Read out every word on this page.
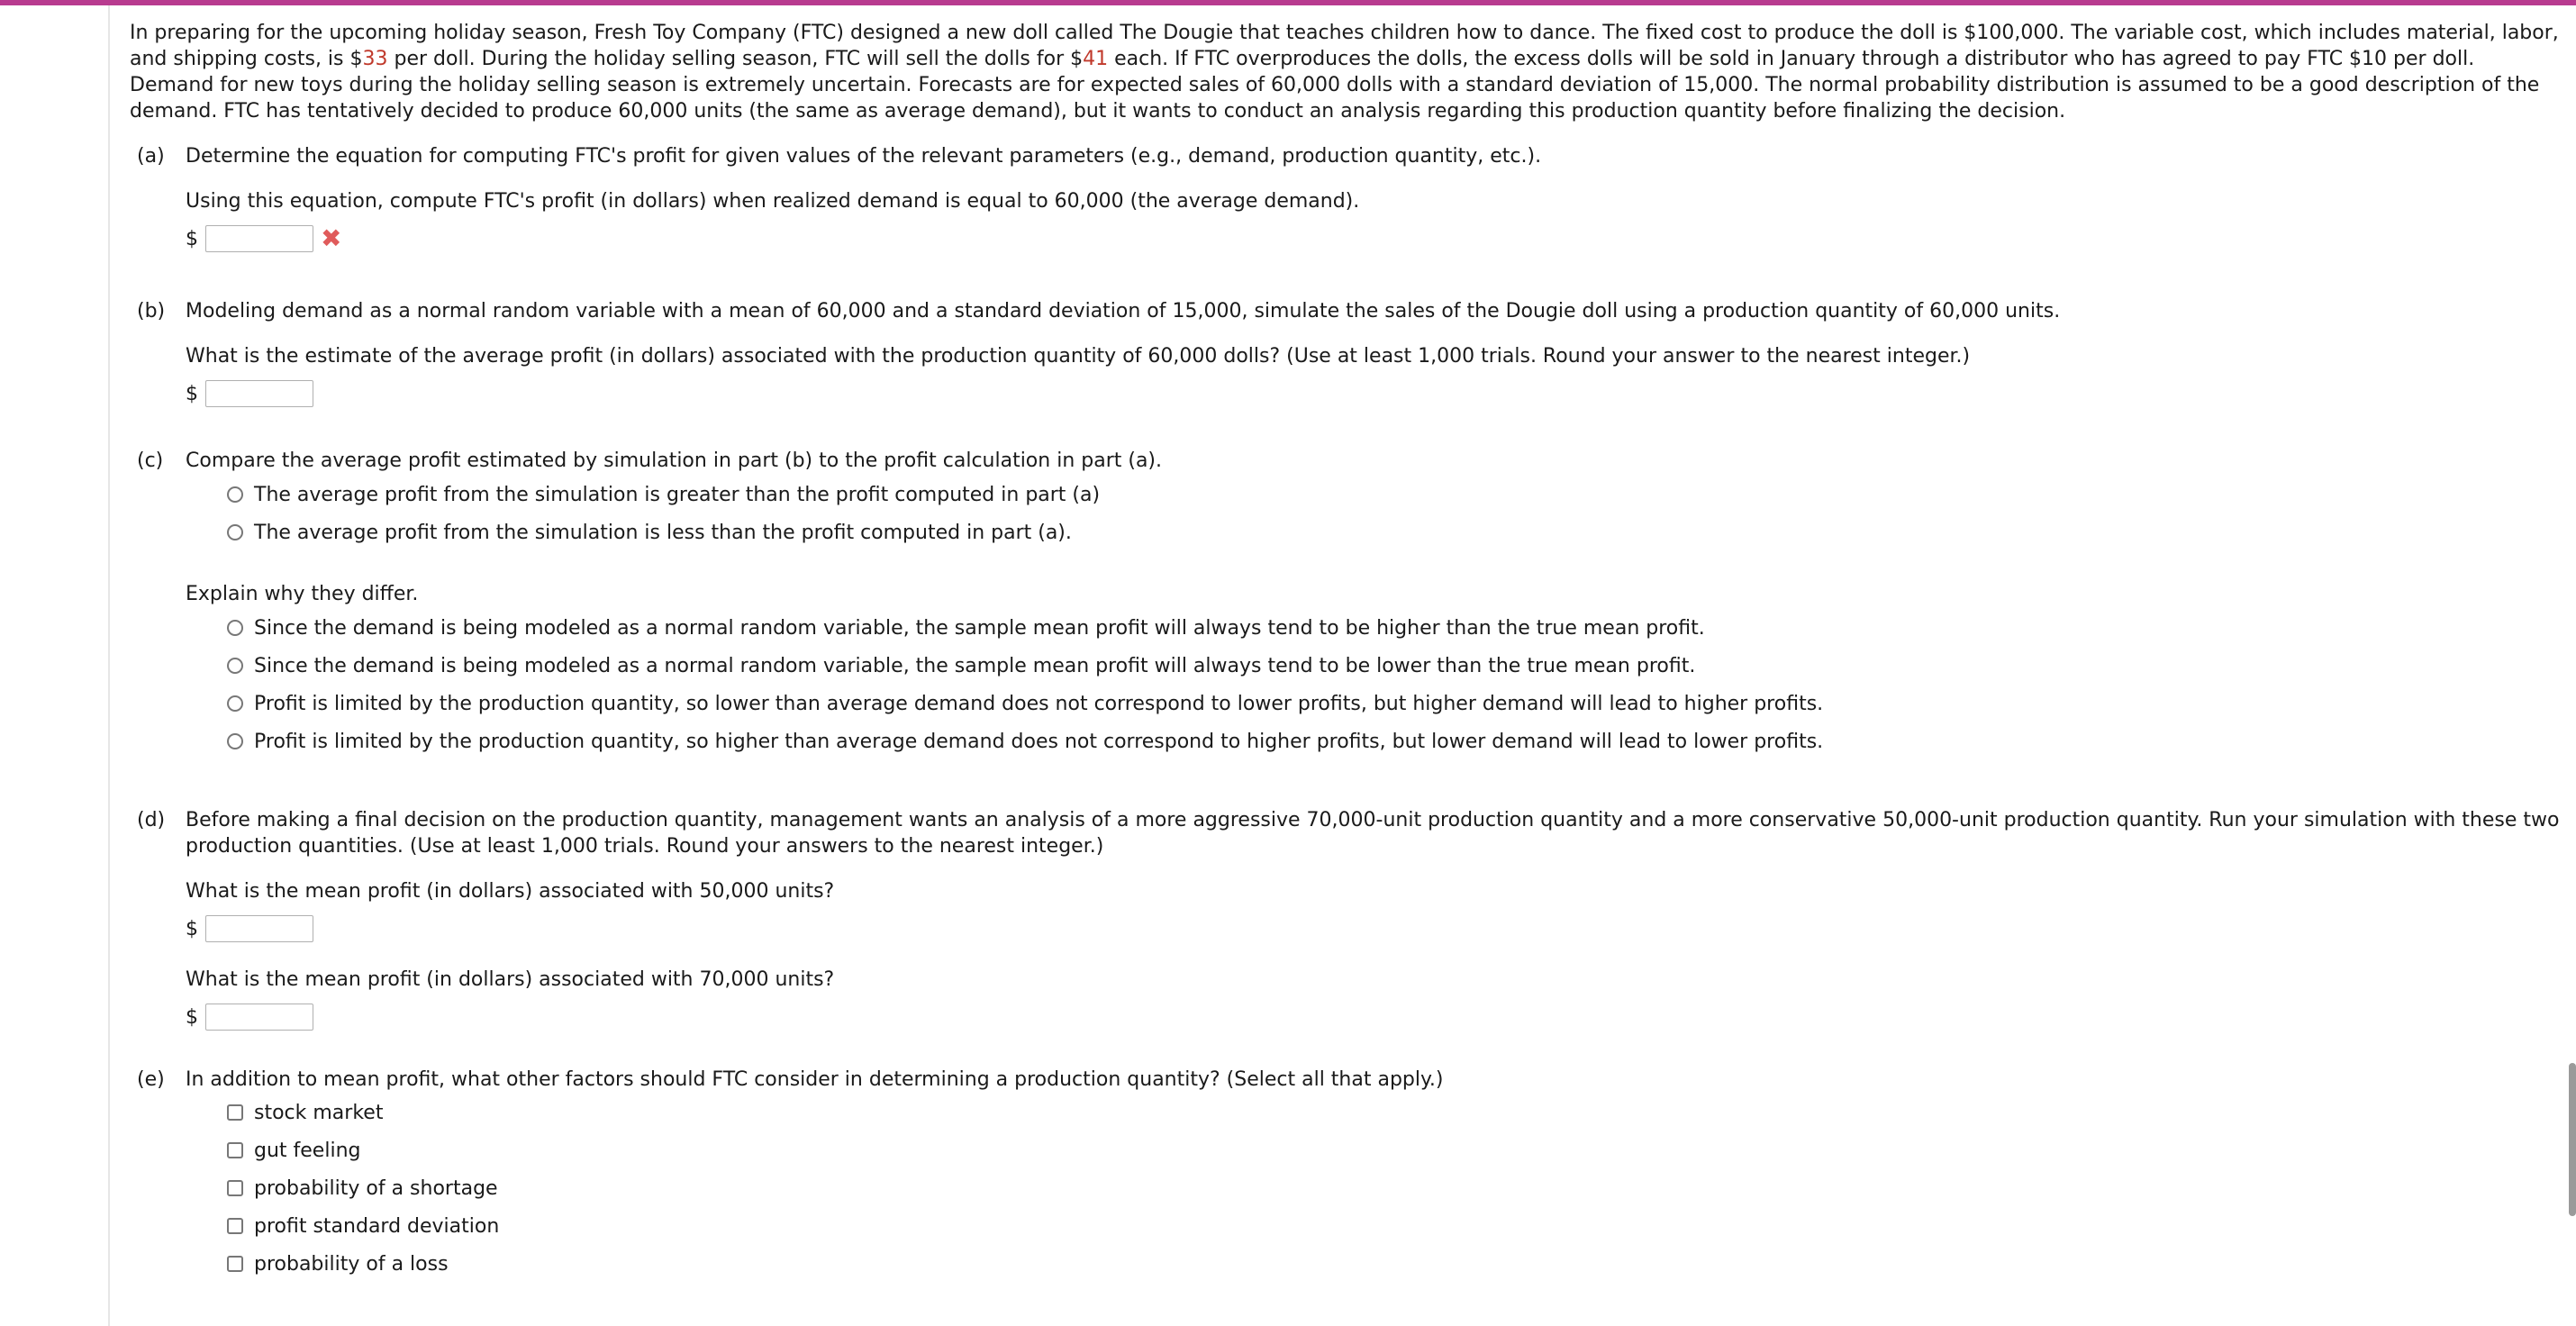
In preparing for the upcoming holiday season, Fresh Toy Company (FTC) designed a new doll called The Dougie that teaches children how to dance. The fixed cost to produce the doll is $100,000. The variable cost, which includes material, labor, and shipping costs, is $33 per doll. During the holiday selling season, FTC will sell the dolls for $41 each. If FTC overproduces the dolls, the excess dolls will be sold in January through a distributor who has agreed to pay FTC $10 per doll. Demand for new toys during the holiday selling season is extremely uncertain. Forecasts are for expected sales of 60,000 dolls with a standard deviation of 15,000. The normal probability distribution is assumed to be a good description of the demand. FTC has tentatively decided to produce 60,000 units (the same as average demand), but it wants to conduct an analysis regarding this production quantity before finalizing the decision.

(a) Determine the equation for computing FTC's profit for given values of the relevant parameters (e.g., demand, production quantity, etc.).

Using this equation, compute FTC's profit (in dollars) when realized demand is equal to 60,000 (the average demand).

$	✖
(b) Modeling demand as a normal random variable with a mean of 60,000 and a standard deviation of 15,000, simulate the sales of the Dougie doll using a production quantity of 60,000 units.

What is the estimate of the average profit (in dollars) associated with the production quantity of 60,000 dolls? (Use at least 1,000 trials. Round your answer to the nearest integer.)

$
(c) Compare the average profit estimated by simulation in part (b) to the profit calculation in part (a).

The average profit from the simulation is greater than the profit computed in part (a)
The average profit from the simulation is less than the profit computed in part (a).

Explain why they differ.

Since the demand is being modeled as a normal random variable, the sample mean profit will always tend to be higher than the true mean profit.
Since the demand is being modeled as a normal random variable, the sample mean profit will always tend to be lower than the true mean profit.
Profit is limited by the production quantity, so lower than average demand does not correspond to lower profits, but higher demand will lead to higher profits.
Profit is limited by the production quantity, so higher than average demand does not correspond to higher profits, but lower demand will lead to lower profits.
(d) Before making a final decision on the production quantity, management wants an analysis of a more aggressive 70,000-unit production quantity and a more conservative 50,000-unit production quantity. Run your simulation with these two production quantities. (Use at least 1,000 trials. Round your answers to the nearest integer.)

What is the mean profit (in dollars) associated with 50,000 units?

$

What is the mean profit (in dollars) associated with 70,000 units?

$
(e) In addition to mean profit, what other factors should FTC consider in determining a production quantity? (Select all that apply.)

stock market
gut feeling
probability of a shortage
profit standard deviation
probability of a loss
